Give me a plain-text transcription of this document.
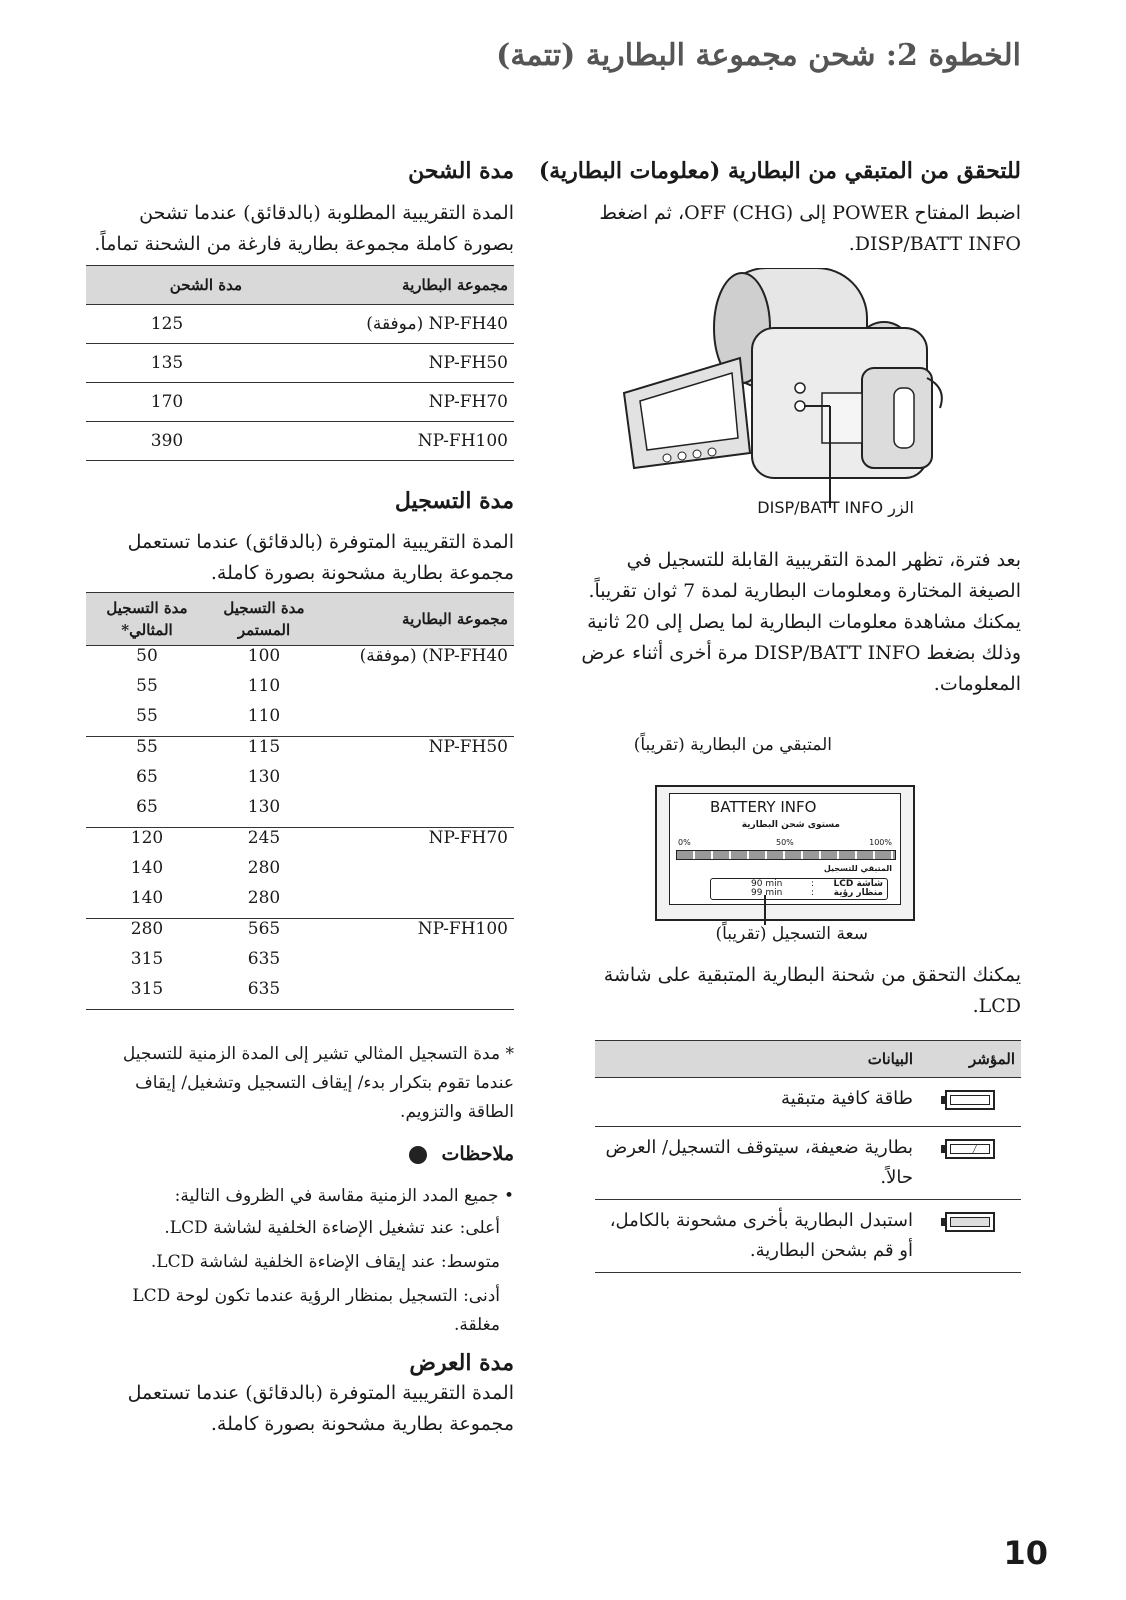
الخطوة 2: شحن مجموعة البطارية (تتمة)
للتحقق من المتبقي من البطارية (معلومات البطارية)
اضبط المفتاح POWER إلى OFF (CHG)، ثم اضغط DISP/BATT INFO.
الزر DISP/BATT INFO
بعد فترة، تظهر المدة التقريبية القابلة للتسجيل في الصيغة المختارة ومعلومات البطارية لمدة 7 ثوان تقريباً. يمكنك مشاهدة معلومات البطارية لما يصل إلى 20 ثانية وذلك بضغط DISP/BATT INFO مرة أخرى أثناء عرض المعلومات.
المتبقي من البطارية (تقريباً)
BATTERY INFO
مستوى شحن البطارية
0%	50%	100%
المتبقي للتسجيل
90 min
99 min
:
:
شاشة LCD
منظار رؤية
سعة التسجيل (تقريباً)
يمكنك التحقق من شحنة البطارية المتبقية على شاشة LCD.
المؤشر	البيانات

	طاقة كافية متبقية

	بطارية ضعيفة، سيتوقف التسجيل/ العرض حالاً.

	استبدل البطارية بأخرى مشحونة بالكامل، أو قم بشحن البطارية.
مدة الشحن
المدة التقريبية المطلوبة (بالدقائق) عندما تشحن بصورة كاملة مجموعة بطارية فارغة من الشحنة تماماً.
مجموعة البطارية	مدة الشحن
NP-FH40 (موفقة)	125
NP-FH50	135
NP-FH70	170
NP-FH100	390
مدة التسجيل
المدة التقريبية المتوفرة (بالدقائق) عندما تستعمل مجموعة بطارية مشحونة بصورة كاملة.
مجموعة البطارية	مدة التسجيل المستمر	مدة التسجيل المثالي*
NP-FH40) (موفقة)	100	50
	110	55
	110	55
NP-FH50	115	55
	130	65
	130	65
NP-FH70	245	120
	280	140
	280	140
NP-FH100	565	280
	635	315
	635	315
* مدة التسجيل المثالي تشير إلى المدة الزمنية للتسجيل عندما تقوم بتكرار بدء/ إيقاف التسجيل وتشغيل/ إيقاف الطاقة والتزويم.
ملاحظات
• جميع المدد الزمنية مقاسة في الظروف التالية:
أعلى: عند تشغيل الإضاءة الخلفية لشاشة LCD.
متوسط: عند إيقاف الإضاءة الخلفية لشاشة LCD.
أدنى: التسجيل بمنظار الرؤية عندما تكون لوحة LCD مغلقة.
مدة العرض
المدة التقريبية المتوفرة (بالدقائق) عندما تستعمل مجموعة بطارية مشحونة بصورة كاملة.
10
